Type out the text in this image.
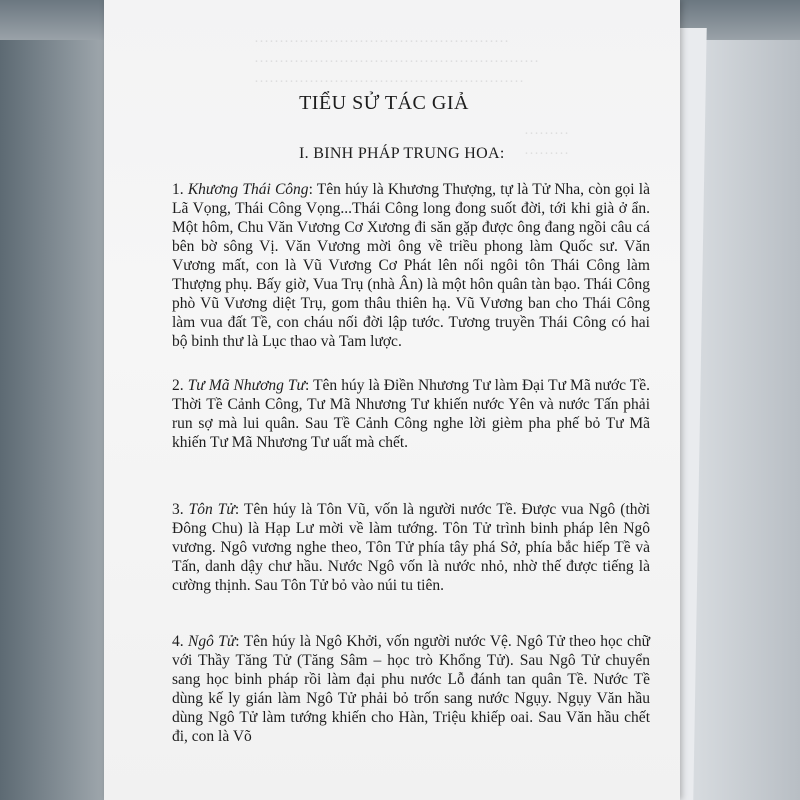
……………………………………………
…………………………………………………
………………………………………………
………
………
TIỂU SỬ TÁC GIẢ
I. BINH PHÁP TRUNG HOA:
1. Khương Thái Công: Tên húy là Khương Thượng, tự là Tử Nha, còn gọi là Lã Vọng, Thái Công Vọng...Thái Công long đong suốt đời, tới khi già ở ẩn. Một hôm, Chu Văn Vương Cơ Xương đi săn gặp được ông đang ngồi câu cá bên bờ sông Vị. Văn Vương mời ông về triều phong làm Quốc sư. Văn Vương mất, con là Vũ Vương Cơ Phát lên nối ngôi tôn Thái Công làm Thượng phụ. Bấy giờ, Vua Trụ (nhà Ân) là một hôn quân tàn bạo. Thái Công phò Vũ Vương diệt Trụ, gom thâu thiên hạ. Vũ Vương ban cho Thái Công làm vua đất Tề, con cháu nối đời lập tước. Tương truyền Thái Công có hai bộ binh thư là Lục thao và Tam lược.
2. Tư Mã Nhương Tư: Tên húy là Điền Nhương Tư làm Đại Tư Mã nước Tề. Thời Tề Cảnh Công, Tư Mã Nhương Tư khiến nước Yên và nước Tấn phải run sợ mà lui quân. Sau Tề Cảnh Công nghe lời gièm pha phế bỏ Tư Mã khiến Tư Mã Nhương Tư uất mà chết.
3. Tôn Tử: Tên húy là Tôn Vũ, vốn là người nước Tề. Được vua Ngô (thời Đông Chu) là Hạp Lư mời về làm tướng. Tôn Tử trình binh pháp lên Ngô vương. Ngô vương nghe theo, Tôn Tử phía tây phá Sở, phía bắc hiếp Tề và Tấn, danh dậy chư hầu. Nước Ngô vốn là nước nhỏ, nhờ thế được tiếng là cường thịnh. Sau Tôn Tử bỏ vào núi tu tiên.
4. Ngô Tử: Tên húy là Ngô Khởi, vốn người nước Vệ. Ngô Tử theo học chữ với Thầy Tăng Tử (Tăng Sâm – học trò Khổng Tử). Sau Ngô Tử chuyển sang học binh pháp rồi làm đại phu nước Lỗ đánh tan quân Tề. Nước Tề dùng kế ly gián làm Ngô Tử phải bỏ trốn sang nước Ngụy. Ngụy Văn hầu dùng Ngô Tử làm tướng khiến cho Hàn, Triệu khiếp oai. Sau Văn hầu chết đi, con là Võ
